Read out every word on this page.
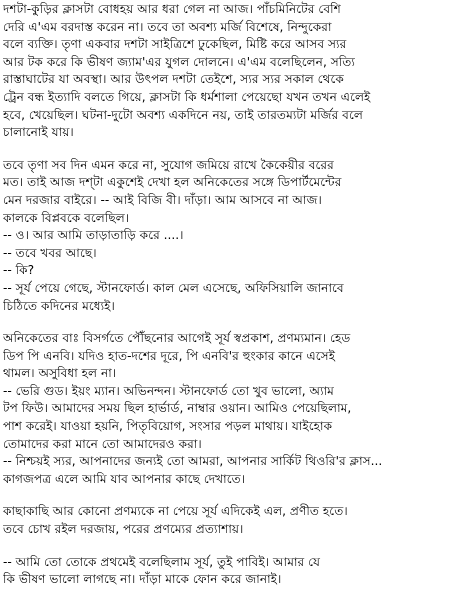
দশটা-কুড়ির ক্লাসটা বোধহয় আর ধরা গেল না আজ। পাঁচমিনিটের বেশি
দেরি এ'এম বরদাস্ত করেন না। তবে তা অবশ্য মর্জি বিশেষে, নিন্দুকেরা
বলে ব্যক্তি। তৃণা একবার দশটা সাইত্রিশে ঢুকেছিল, মিষ্টি করে আসব স্যর
আর টক করে কি ভীষণ জ্যাম'এর যুগল দোলনে। এ'এম বলেছিলেন, সত্যি
রাস্তাঘাটের যা অবস্থা। আর উৎপল দশটা তেইশে, স্যর স্যর সকাল থেকে
ট্রেন বন্ধ ইত্যাদি বলতে গিয়ে, ক্লাসটা কি ধর্মশালা পেয়েছো যখন তখন এলেই
হবে, খেয়েছিল। ঘটনা-দুটো অবশ্য একদিনে নয়, তাই তারতম্যটা মর্জির বলে
চালানোই যায়।
তবে তৃণা সব দিন এমন করে না, সুযোগ জমিয়ে রাখে কৈকেয়ীর বরের
মত। তাই আজ দশ্টা একুশেই দেখা হল অনিকেতের সঙ্গে ডিপার্টমেন্টের
মেন দরজার বাইরে। -- আই বিজি বী। দাঁড়া। আম আসবে না আজ।
কালকে বিপ্লবকে বলেছিল।
-- ও। আর আমি তাড়াতাড়ি করে ....।
-- তবে খবর আছে।
-- কি?
-- সূর্য পেয়ে গেছে, স্টানফোর্ড। কাল মেল এসেছে, অফিসিয়ালি জানাবে
চিঠিতে কদিনের মধ্যেই।
অনিকেতের বাঃ বিসর্গতে পৌঁছনোর আগেই সূর্য স্বপ্রকাশ, প্রণম্যমান। হেড
ডিপ পি এনবি। যদিও হাত-দশের দূরে, পি এনবি'র হুংকার কানে এসেই
থামল। অসুবিধা হল না।
-- ভেরি গুড। ইয়ং ম্যান। অভিনন্দন। স্টানফোর্ড তো খুব ভালো, অ্যাম
টপ ফিউ। আমাদের সময় ছিল হার্ভার্ড, নাম্বার ওয়ান। আমিও পেয়েছিলাম,
পাশ করেই। যাওয়া হয়নি, পিতৃবিয়োগ, সংসার পড়ল মাথায়। যাইহোক
তোমাদের করা মানে তো আমাদেরও করা।
-- নিশ্চয়ই স্যর, আপনাদের জন্যই তো আমরা, আপনার সার্কিট থিওরি'র ক্লাস...
কাগজপত্র এলে আমি যাব আপনার কাছে দেখাতে।
কাছাকাছি আর কোনো প্রণম্যকে না পেয়ে সূর্য এদিকেই এল, প্রণীত হতে।
তবে চোখ রইল দরজায়, পরের প্রণম্যের প্রত্যাশায়।
-- আমি তো তোকে প্রথমেই বলেছিলাম সূর্য, তুই পাবিই। আমার যে
কি ভীষণ ভালো লাগছে না। দাঁড়া মাকে ফোন করে জানাই।
